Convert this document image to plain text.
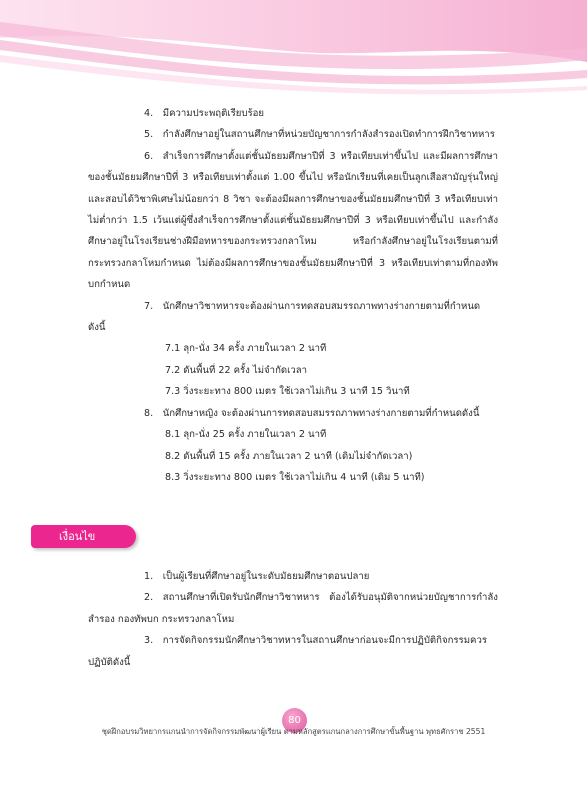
4. มีความประพฤติเรียบร้อย

5. กำลังศึกษาอยู่ในสถานศึกษาที่หน่วยบัญชาการกำลังสำรองเปิดทำการฝึกวิชาทหาร

6. สำเร็จการศึกษาตั้งแต่ชั้นมัธยมศึกษาปีที่ 3 หรือเทียบเท่าขึ้นไป และมีผลการศึกษาของชั้นมัธยมศึกษาปีที่ 3 หรือเทียบเท่าตั้งแต่ 1.00 ขึ้นไป หรือนักเรียนที่เคยเป็นลูกเสือสามัญรุ่นใหญ่ และสอบได้วิชาพิเศษไม่น้อยกว่า 8 วิชา จะต้องมีผลการศึกษาของชั้นมัธยมศึกษาปีที่ 3 หรือเทียบเท่า ไม่ต่ำกว่า 1.5 เว้นแต่ผู้ซึ่งสำเร็จการศึกษาตั้งแต่ชั้นมัธยมศึกษาปีที่ 3 หรือเทียบเท่าขึ้นไป และกำลังศึกษาอยู่ในโรงเรียนช่างฝีมือทหารของกระทรวงกลาโหม หรือกำลังศึกษาอยู่ในโรงเรียนตามที่กระทรวงกลาโหมกำหนด ไม่ต้องมีผลการศึกษาของชั้นมัธยมศึกษาปีที่ 3 หรือเทียบเท่าตามที่กองทัพบกกำหนด

7. นักศึกษาวิชาทหารจะต้องผ่านการทดสอบสมรรถภาพทางร่างกายตามที่กำหนด ดังนี้

7.1 ลุก-นั่ง 34 ครั้ง ภายในเวลา 2 นาที

7.2 ดันพื้นที่ 22 ครั้ง ไม่จำกัดเวลา

7.3 วิ่งระยะทาง 800 เมตร ใช้เวลาไม่เกิน 3 นาที 15 วินาที

8. นักศึกษาหญิง จะต้องผ่านการทดสอบสมรรถภาพทางร่างกายตามที่กำหนดดังนี้

8.1 ลุก-นั่ง 25 ครั้ง ภายในเวลา 2 นาที

8.2 ดันพื้นที่ 15 ครั้ง ภายในเวลา 2 นาที (เดิมไม่จำกัดเวลา)

8.3 วิ่งระยะทาง 800 เมตร ใช้เวลาไม่เกิน 4 นาที (เดิม 5 นาที)

เงื่อนไข

1. เป็นผู้เรียนที่ศึกษาอยู่ในระดับมัธยมศึกษาตอนปลาย

2. สถานศึกษาที่เปิดรับนักศึกษาวิชาทหาร ต้องได้รับอนุมัติจากหน่วยบัญชาการกำลังสำรอง กองทัพบก กระทรวงกลาโหม

3. การจัดกิจกรรมนักศึกษาวิชาทหารในสถานศึกษาก่อนจะมีการปฏิบัติกิจกรรมควรปฏิบัติดังนี้

80
ชุดฝึกอบรมวิทยากรแกนนำการจัดกิจกรรมพัฒนาผู้เรียน ตามหลักสูตรแกนกลางการศึกษาขั้นพื้นฐาน พุทธศักราช 2551
